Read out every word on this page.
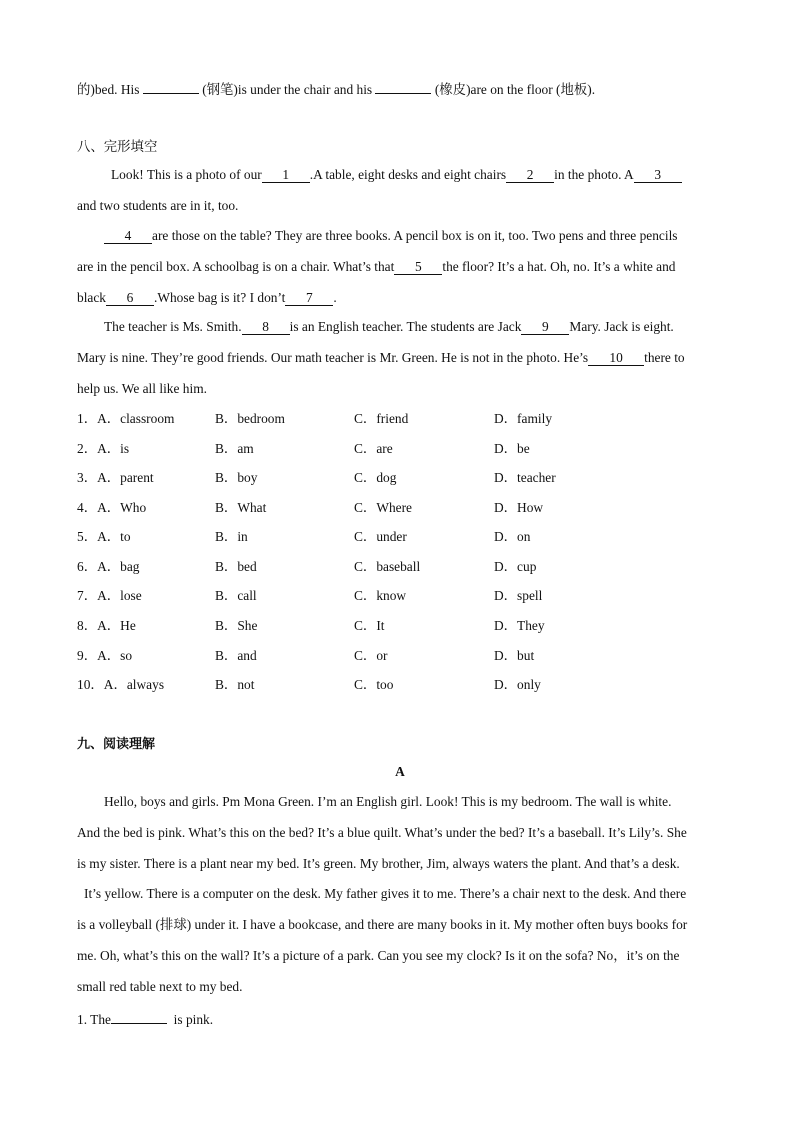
的)bed. His	(钢笔)is under the chair and his	(橡皮)are on the floor (地板).
八、完形填空
Look! This is a photo of our 1 .A table, eight desks and eight chairs 2 in the photo. A 3
and two students are in it, too.
4 are those on the table? They are three books. A pencil box is on it, too. Two pens and three pencils
are in the pencil box. A schoolbag is on a chair. What’s that 5 the floor? It’s a hat. Oh, no. It’s a white and
black 6 .Whose bag is it? I don’t 7 .
The teacher is Ms. Smith. 8 is an English teacher. The students are Jack 9 Mary. Jack is eight.
Mary is nine. They’re good friends. Our math teacher is Mr. Green. He is not in the photo. He’s 10 there to
help us. We all like him.
1．A．classroom	B．bedroom	C．friend	D．family
2．A．is	B．am	C．are	D．be
3．A．parent	B．boy	C．dog	D．teacher
4．A．Who	B．What	C．Where	D．How
5．A．to	B．in	C．under	D．on
6．A．bag	B．bed	C．baseball	D．cup
7．A．lose	B．call	C．know	D．spell
8．A．He	B．She	C．It	D．They
9．A．so	B．and	C．or	D．but
10．A．always	B．not	C．too	D．only
九、阅读理解
A
Hello, boys and girls. Pm Mona Green. I’m an English girl. Look! This is my bedroom. The wall is white.
And the bed is pink. What’s this on the bed? It’s a blue quilt. What’s under the bed? It’s a baseball. It’s Lily’s. She
is my sister. There is a plant near my bed. It’s green. My brother, Jim, always waters the plant. And that’s a desk.
It’s yellow. There is a computer on the desk. My father gives it to me. There’s a chair next to the desk. And there
is a volleyball (排球) under it. I have a bookcase, and there are many books in it. My mother often buys books for
me. Oh, what’s this on the wall? It’s a picture of a park. Can you see my clock? Is it on the sofa? No，it’s on the
small red table next to my bed.
1. The	is pink.
